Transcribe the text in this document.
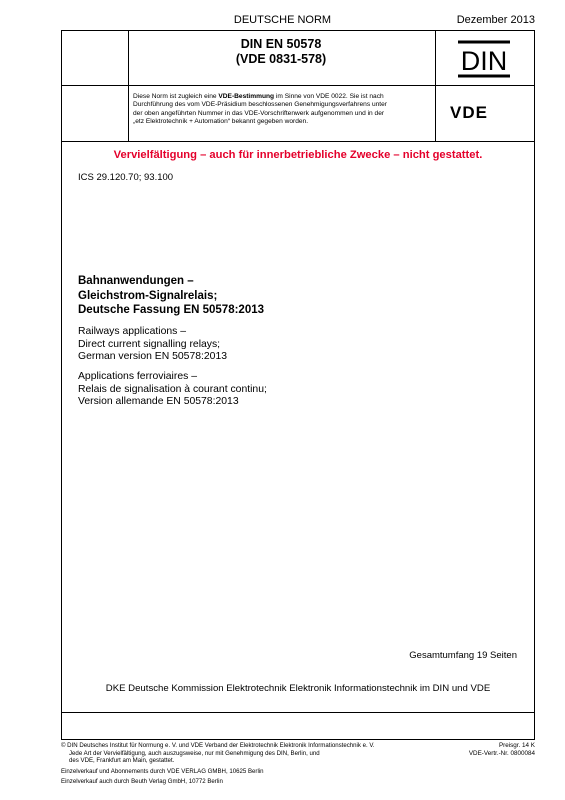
DEUTSCHE NORM	Dezember 2013
DIN EN 50578
(VDE 0831-578)
Diese Norm ist zugleich eine VDE-Bestimmung im Sinne von VDE 0022. Sie ist nach
Durchführung des vom VDE-Präsidium beschlossenen Genehmigungsverfahrens unter
der oben angeführten Nummer in das VDE-Vorschriftenwerk aufgenommen und in der
„etz Elektrotechnik + Automation“ bekannt gegeben worden.
DIN
VDE
Vervielfältigung – auch für innerbetriebliche Zwecke – nicht gestattet.
ICS 29.120.70; 93.100
Bahnanwendungen –
Gleichstrom-Signalrelais;
Deutsche Fassung EN 50578:2013
Railways applications –
Direct current signalling relays;
German version EN 50578:2013
Applications ferroviaires –
Relais de signalisation à courant continu;
Version allemande EN 50578:2013
Gesamtumfang 19 Seiten
DKE Deutsche Kommission Elektrotechnik Elektronik Informationstechnik im DIN und VDE
© DIN Deutsches Institut für Normung e. V. und VDE Verband der Elektrotechnik Elektronik Informationstechnik e. V.
Jede Art der Vervielfältigung, auch auszugsweise, nur mit Genehmigung des DIN, Berlin, und
des VDE, Frankfurt am Main, gestattet.
Preisgr. 14 K
VDE-Vertr.-Nr. 0800084
Einzelverkauf und Abonnements durch VDE VERLAG GMBH, 10625 Berlin
Einzelverkauf auch durch Beuth Verlag GmbH, 10772 Berlin
